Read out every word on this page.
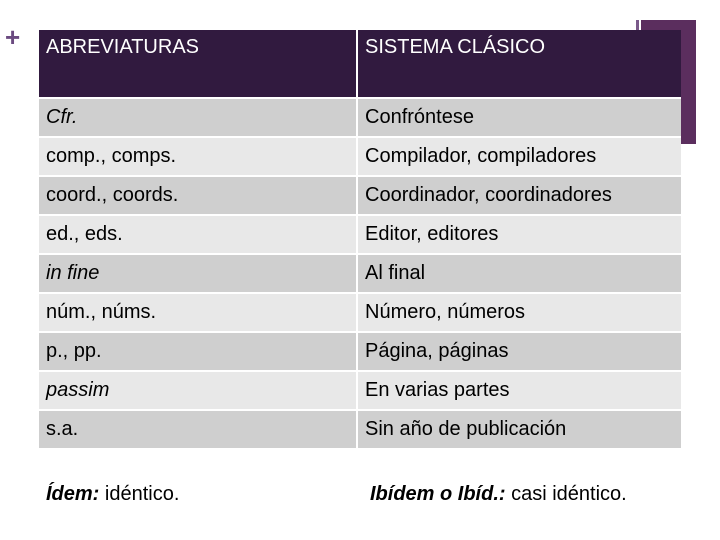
+	ABREVIATURAS	SISTEMA CLÁSICO
Cfr.	Confróntese
comp., comps.	Compilador, compiladores
coord., coords.	Coordinador, coordinadores
ed., eds.	Editor, editores
in fine	Al final
núm., núms.	Número, números
p., pp.	Página, páginas
passim	En varias partes
s.a.	Sin año de publicación
Ídem: idéntico.	Ibídem o Ibíd.: casi idéntico.
